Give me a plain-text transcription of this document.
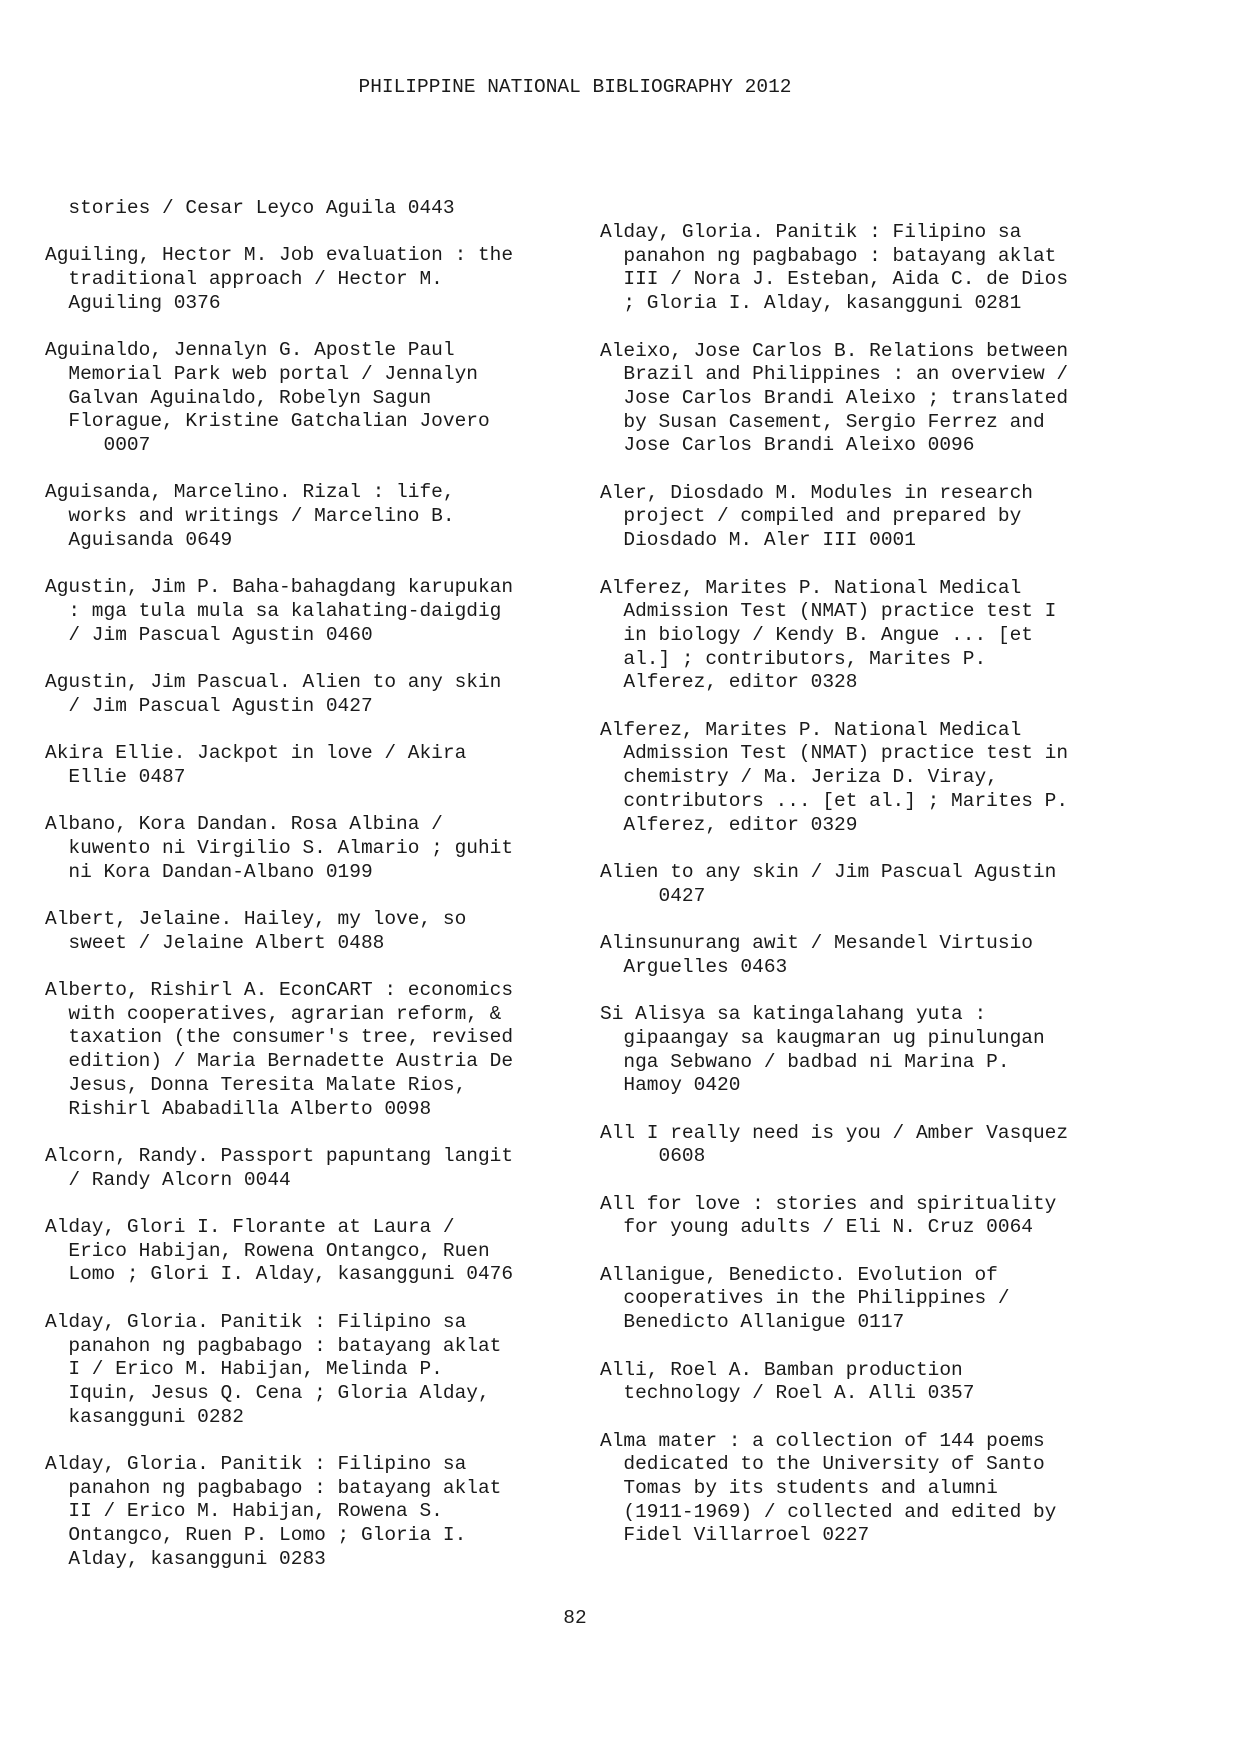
PHILIPPINE NATIONAL BIBLIOGRAPHY 2012
stories / Cesar Leyco Aguila 0443
Aguiling, Hector M. Job evaluation : the
traditional approach / Hector M.
Aguiling 0376
Aguinaldo, Jennalyn G. Apostle Paul
Memorial Park web portal / Jennalyn
Galvan Aguinaldo, Robelyn Sagun
Florague, Kristine Gatchalian Jovero
0007
Aguisanda, Marcelino. Rizal : life,
works and writings / Marcelino B.
Aguisanda 0649
Agustin, Jim P. Baha-bahagdang karupukan
: mga tula mula sa kalahating-daigdig
/ Jim Pascual Agustin 0460
Agustin, Jim Pascual. Alien to any skin
/ Jim Pascual Agustin 0427
Akira Ellie. Jackpot in love / Akira
Ellie 0487
Albano, Kora Dandan. Rosa Albina /
kuwento ni Virgilio S. Almario ; guhit
ni Kora Dandan-Albano 0199
Albert, Jelaine. Hailey, my love, so
sweet / Jelaine Albert 0488
Alberto, Rishirl A. EconCART : economics
with cooperatives, agrarian reform, &
taxation (the consumer's tree, revised
edition) / Maria Bernadette Austria De
Jesus, Donna Teresita Malate Rios,
Rishirl Ababadilla Alberto 0098
Alcorn, Randy. Passport papuntang langit
/ Randy Alcorn 0044
Alday, Glori I. Florante at Laura /
Erico Habijan, Rowena Ontangco, Ruen
Lomo ; Glori I. Alday, kasangguni 0476
Alday, Gloria. Panitik : Filipino sa
panahon ng pagbabago : batayang aklat
I / Erico M. Habijan, Melinda P.
Iquin, Jesus Q. Cena ; Gloria Alday,
kasangguni 0282
Alday, Gloria. Panitik : Filipino sa
panahon ng pagbabago : batayang aklat
II / Erico M. Habijan, Rowena S.
Ontangco, Ruen P. Lomo ; Gloria I.
Alday, kasangguni 0283
Alday, Gloria. Panitik : Filipino sa
panahon ng pagbabago : batayang aklat
III / Nora J. Esteban, Aida C. de Dios
; Gloria I. Alday, kasangguni 0281
Aleixo, Jose Carlos B. Relations between
Brazil and Philippines : an overview /
Jose Carlos Brandi Aleixo ; translated
by Susan Casement, Sergio Ferrez and
Jose Carlos Brandi Aleixo 0096
Aler, Diosdado M. Modules in research
project / compiled and prepared by
Diosdado M. Aler III 0001
Alferez, Marites P. National Medical
Admission Test (NMAT) practice test I
in biology / Kendy B. Angue ... [et
al.] ; contributors, Marites P.
Alferez, editor 0328
Alferez, Marites P. National Medical
Admission Test (NMAT) practice test in
chemistry / Ma. Jeriza D. Viray,
contributors ... [et al.] ; Marites P.
Alferez, editor 0329
Alien to any skin / Jim Pascual Agustin
0427
Alinsunurang awit / Mesandel Virtusio
Arguelles 0463
Si Alisya sa katingalahang yuta :
gipaangay sa kaugmaran ug pinulungan
nga Sebwano / badbad ni Marina P.
Hamoy 0420
All I really need is you / Amber Vasquez
0608
All for love : stories and spirituality
for young adults / Eli N. Cruz 0064
Allanigue, Benedicto. Evolution of
cooperatives in the Philippines /
Benedicto Allanigue 0117
Alli, Roel A. Bamban production
technology / Roel A. Alli 0357
Alma mater : a collection of 144 poems
dedicated to the University of Santo
Tomas by its students and alumni
(1911-1969) / collected and edited by
Fidel Villarroel 0227
82
